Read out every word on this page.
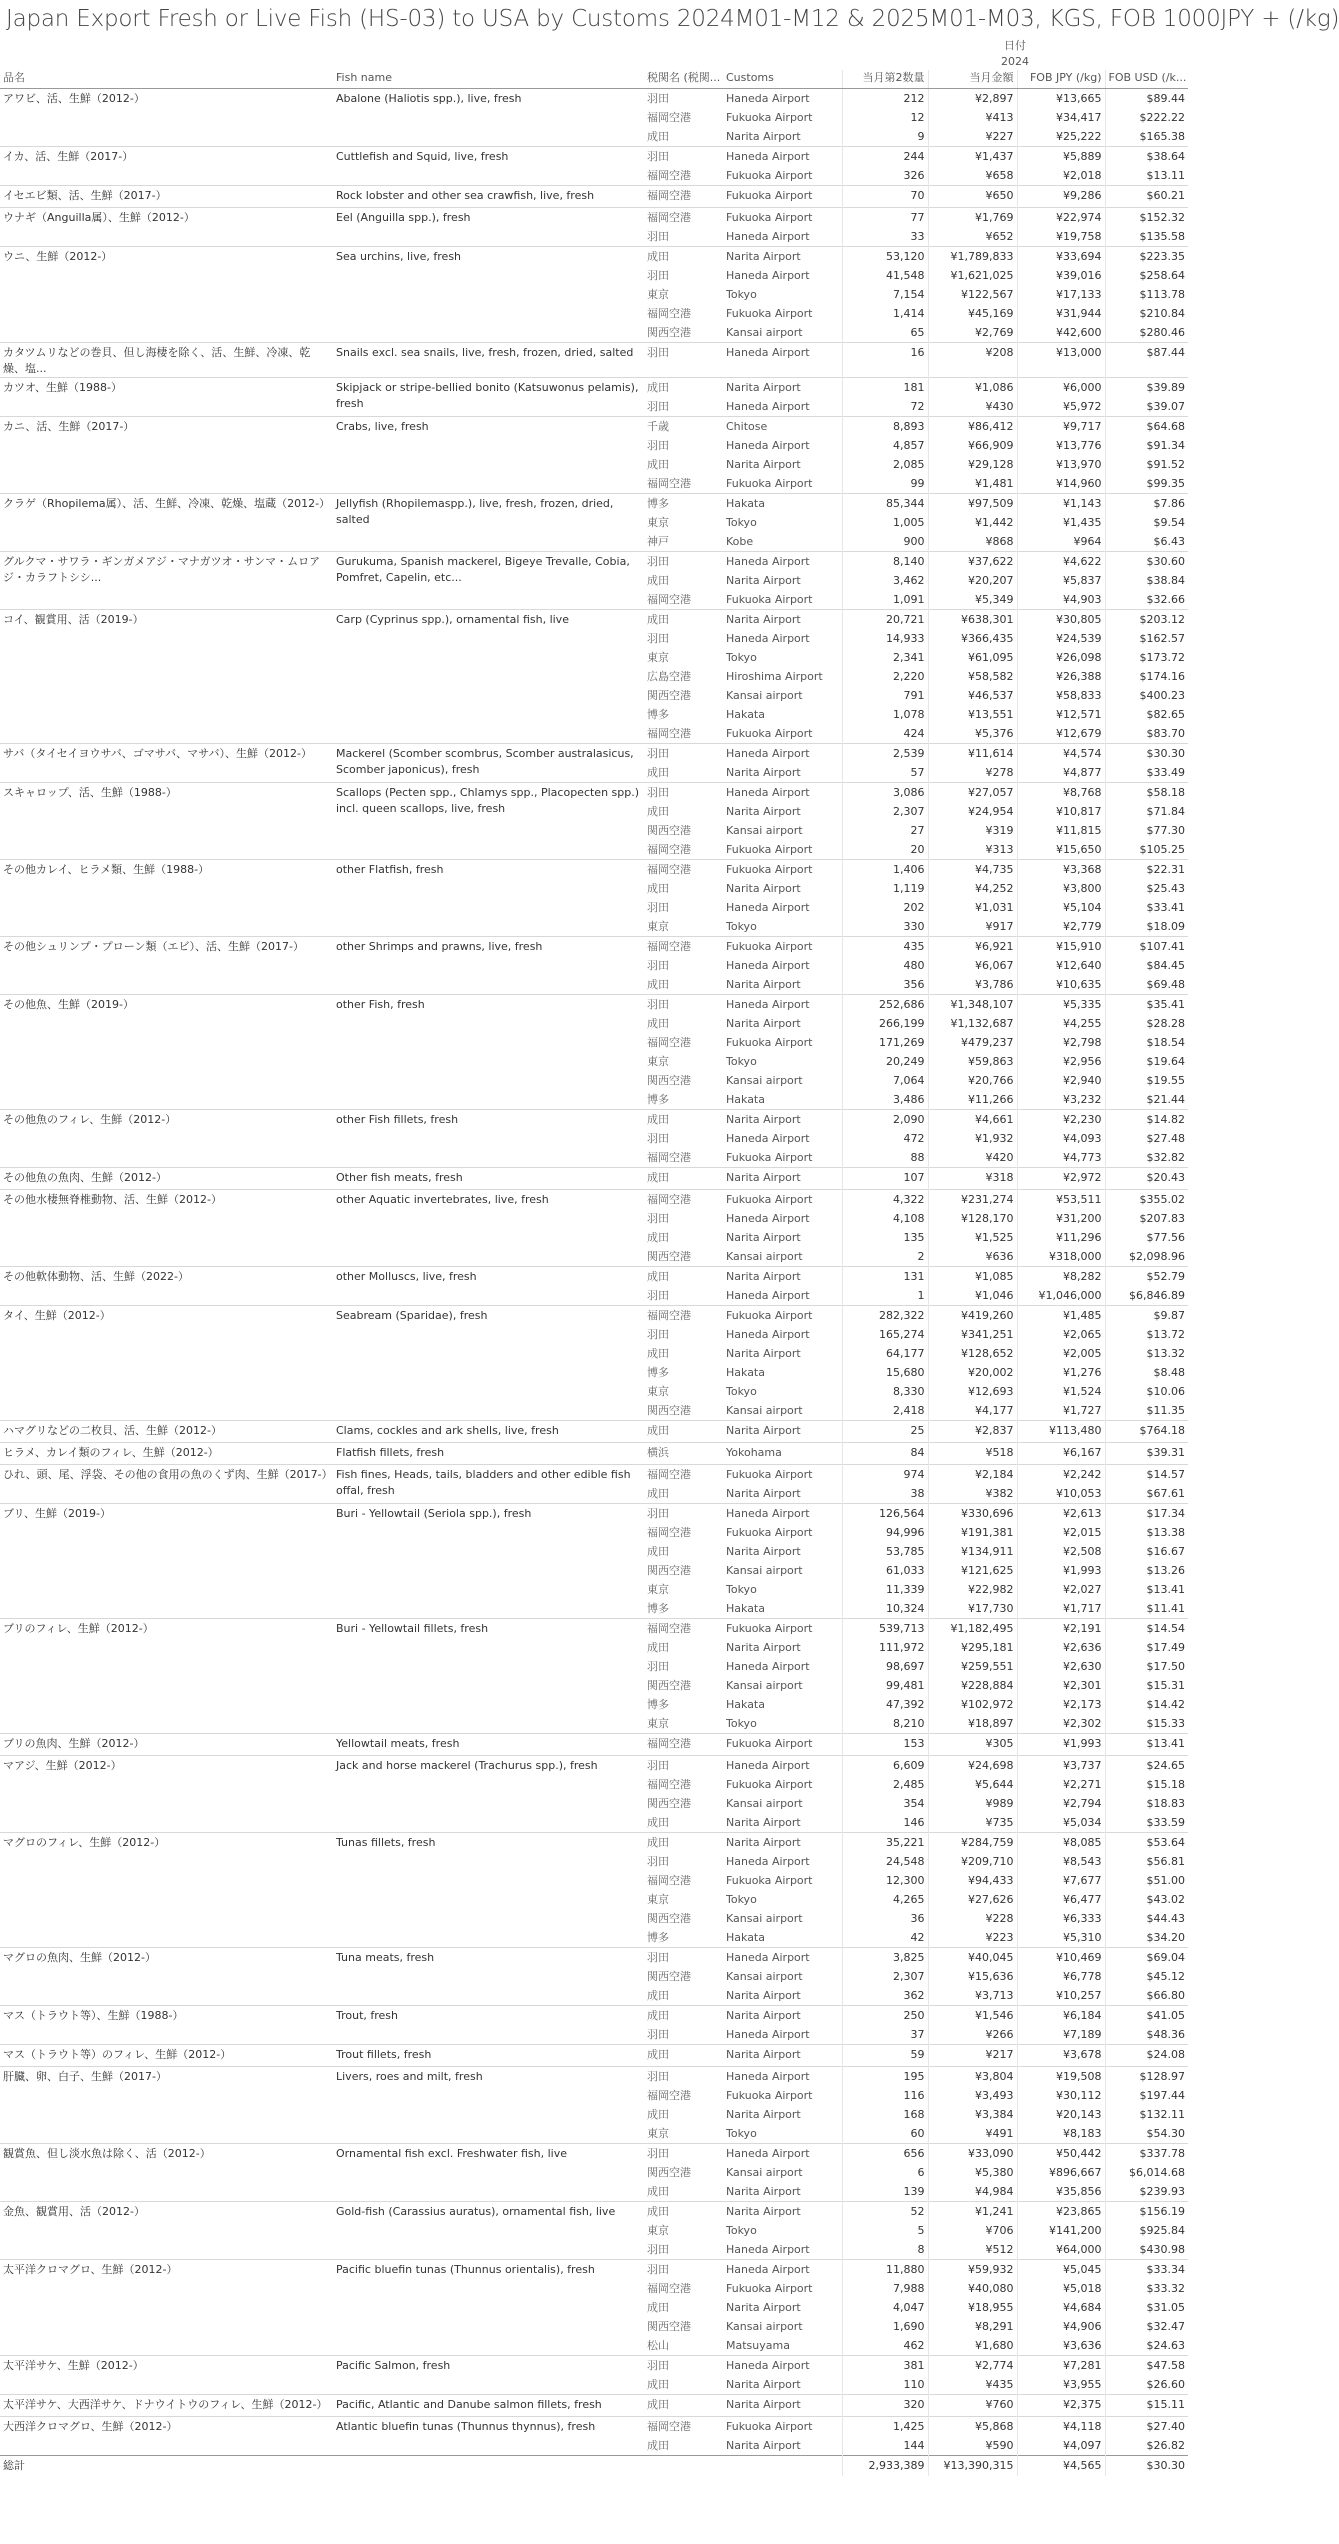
Japan Export Fresh or Live Fish (HS-03) to USA by Customs 2024M01-M12 & 2025M01-M03, KGS, FOB 1000JPY + (/kg)
				日付			
				2024			
品名	Fish name	税関名 (税関...	Customs	当月第2数量	当月金額	FOB JPY (/kg)	FOB USD (/k...
アワビ、活、生鮮（2012-）	Abalone (Haliotis spp.), live, fresh	羽田	Haneda Airport	212	¥2,897	¥13,665	$89.44
		福岡空港	Fukuoka Airport	12	¥413	¥34,417	$222.22
		成田	Narita Airport	9	¥227	¥25,222	$165.38
イカ、活、生鮮（2017-）	Cuttlefish and Squid, live, fresh	羽田	Haneda Airport	244	¥1,437	¥5,889	$38.64
		福岡空港	Fukuoka Airport	326	¥658	¥2,018	$13.11
イセエビ類、活、生鮮（2017-）	Rock lobster and other sea crawfish, live, fresh	福岡空港	Fukuoka Airport	70	¥650	¥9,286	$60.21
ウナギ（Anguilla属）、生鮮（2012-）	Eel (Anguilla spp.), fresh	福岡空港	Fukuoka Airport	77	¥1,769	¥22,974	$152.32
		羽田	Haneda Airport	33	¥652	¥19,758	$135.58
ウニ、生鮮（2012-）	Sea urchins, live, fresh	成田	Narita Airport	53,120	¥1,789,833	¥33,694	$223.35
		羽田	Haneda Airport	41,548	¥1,621,025	¥39,016	$258.64
		東京	Tokyo	7,154	¥122,567	¥17,133	$113.78
		福岡空港	Fukuoka Airport	1,414	¥45,169	¥31,944	$210.84
		関西空港	Kansai airport	65	¥2,769	¥42,600	$280.46
カタツムリなどの巻貝、但し海棲を除く、活、生鮮、冷凍、乾燥、塩...	Snails excl. sea snails, live, fresh, frozen, dried, salted	羽田	Haneda Airport	16	¥208	¥13,000	$87.44
カツオ、生鮮（1988-）	Skipjack or stripe-bellied bonito (Katsuwonus pelamis), fresh	成田	Narita Airport	181	¥1,086	¥6,000	$39.89
		羽田	Haneda Airport	72	¥430	¥5,972	$39.07
カニ、活、生鮮（2017-）	Crabs, live, fresh	千歳	Chitose	8,893	¥86,412	¥9,717	$64.68
		羽田	Haneda Airport	4,857	¥66,909	¥13,776	$91.34
		成田	Narita Airport	2,085	¥29,128	¥13,970	$91.52
		福岡空港	Fukuoka Airport	99	¥1,481	¥14,960	$99.35
クラゲ（Rhopilema属）、活、生鮮、冷凍、乾燥、塩蔵（2012-）	Jellyfish (Rhopilemaspp.), live, fresh, frozen, dried, salted	博多	Hakata	85,344	¥97,509	¥1,143	$7.86
		東京	Tokyo	1,005	¥1,442	¥1,435	$9.54
		神戸	Kobe	900	¥868	¥964	$6.43
グルクマ・サワラ・ギンガメアジ・マナガツオ・サンマ・ムロアジ・カラフトシシ...	Gurukuma, Spanish mackerel, Bigeye Trevalle, Cobia, Pomfret, Capelin, etc...	羽田	Haneda Airport	8,140	¥37,622	¥4,622	$30.60
		成田	Narita Airport	3,462	¥20,207	¥5,837	$38.84
		福岡空港	Fukuoka Airport	1,091	¥5,349	¥4,903	$32.66
コイ、観賞用、活（2019-）	Carp (Cyprinus spp.), ornamental fish, live	成田	Narita Airport	20,721	¥638,301	¥30,805	$203.12
		羽田	Haneda Airport	14,933	¥366,435	¥24,539	$162.57
		東京	Tokyo	2,341	¥61,095	¥26,098	$173.72
		広島空港	Hiroshima Airport	2,220	¥58,582	¥26,388	$174.16
		関西空港	Kansai airport	791	¥46,537	¥58,833	$400.23
		博多	Hakata	1,078	¥13,551	¥12,571	$82.65
		福岡空港	Fukuoka Airport	424	¥5,376	¥12,679	$83.70
サバ（タイセイヨウサバ、ゴマサバ、マサバ）、生鮮（2012-）	Mackerel (Scomber scombrus, Scomber australasicus, Scomber japonicus), fresh	羽田	Haneda Airport	2,539	¥11,614	¥4,574	$30.30
		成田	Narita Airport	57	¥278	¥4,877	$33.49
スキャロップ、活、生鮮（1988-）	Scallops (Pecten spp., Chlamys spp., Placopecten spp.) incl. queen scallops, live, fresh	羽田	Haneda Airport	3,086	¥27,057	¥8,768	$58.18
		成田	Narita Airport	2,307	¥24,954	¥10,817	$71.84
		関西空港	Kansai airport	27	¥319	¥11,815	$77.30
		福岡空港	Fukuoka Airport	20	¥313	¥15,650	$105.25
その他カレイ、ヒラメ類、生鮮（1988-）	other Flatfish, fresh	福岡空港	Fukuoka Airport	1,406	¥4,735	¥3,368	$22.31
		成田	Narita Airport	1,119	¥4,252	¥3,800	$25.43
		羽田	Haneda Airport	202	¥1,031	¥5,104	$33.41
		東京	Tokyo	330	¥917	¥2,779	$18.09
その他シュリンプ・プローン類（エビ）、活、生鮮（2017-）	other Shrimps and prawns, live, fresh	福岡空港	Fukuoka Airport	435	¥6,921	¥15,910	$107.41
		羽田	Haneda Airport	480	¥6,067	¥12,640	$84.45
		成田	Narita Airport	356	¥3,786	¥10,635	$69.48
その他魚、生鮮（2019-）	other Fish, fresh	羽田	Haneda Airport	252,686	¥1,348,107	¥5,335	$35.41
		成田	Narita Airport	266,199	¥1,132,687	¥4,255	$28.28
		福岡空港	Fukuoka Airport	171,269	¥479,237	¥2,798	$18.54
		東京	Tokyo	20,249	¥59,863	¥2,956	$19.64
		関西空港	Kansai airport	7,064	¥20,766	¥2,940	$19.55
		博多	Hakata	3,486	¥11,266	¥3,232	$21.44
その他魚のフィレ、生鮮（2012-）	other Fish fillets, fresh	成田	Narita Airport	2,090	¥4,661	¥2,230	$14.82
		羽田	Haneda Airport	472	¥1,932	¥4,093	$27.48
		福岡空港	Fukuoka Airport	88	¥420	¥4,773	$32.82
その他魚の魚肉、生鮮（2012-）	Other fish meats, fresh	成田	Narita Airport	107	¥318	¥2,972	$20.43
その他水棲無脊椎動物、活、生鮮（2012-）	other Aquatic invertebrates, live, fresh	福岡空港	Fukuoka Airport	4,322	¥231,274	¥53,511	$355.02
		羽田	Haneda Airport	4,108	¥128,170	¥31,200	$207.83
		成田	Narita Airport	135	¥1,525	¥11,296	$77.56
		関西空港	Kansai airport	2	¥636	¥318,000	$2,098.96
その他軟体動物、活、生鮮（2022-）	other Molluscs, live, fresh	成田	Narita Airport	131	¥1,085	¥8,282	$52.79
		羽田	Haneda Airport	1	¥1,046	¥1,046,000	$6,846.89
タイ、生鮮（2012-）	Seabream (Sparidae), fresh	福岡空港	Fukuoka Airport	282,322	¥419,260	¥1,485	$9.87
		羽田	Haneda Airport	165,274	¥341,251	¥2,065	$13.72
		成田	Narita Airport	64,177	¥128,652	¥2,005	$13.32
		博多	Hakata	15,680	¥20,002	¥1,276	$8.48
		東京	Tokyo	8,330	¥12,693	¥1,524	$10.06
		関西空港	Kansai airport	2,418	¥4,177	¥1,727	$11.35
ハマグリなどの二枚貝、活、生鮮（2012-）	Clams, cockles and ark shells, live, fresh	成田	Narita Airport	25	¥2,837	¥113,480	$764.18
ヒラメ、カレイ類のフィレ、生鮮（2012-）	Flatfish fillets, fresh	横浜	Yokohama	84	¥518	¥6,167	$39.31
ひれ、頭、尾、浮袋、その他の食用の魚のくず肉、生鮮（2017-）	Fish fines, Heads, tails, bladders and other edible fish offal, fresh	福岡空港	Fukuoka Airport	974	¥2,184	¥2,242	$14.57
		成田	Narita Airport	38	¥382	¥10,053	$67.61
ブリ、生鮮（2019-）	Buri - Yellowtail (Seriola spp.), fresh	羽田	Haneda Airport	126,564	¥330,696	¥2,613	$17.34
		福岡空港	Fukuoka Airport	94,996	¥191,381	¥2,015	$13.38
		成田	Narita Airport	53,785	¥134,911	¥2,508	$16.67
		関西空港	Kansai airport	61,033	¥121,625	¥1,993	$13.26
		東京	Tokyo	11,339	¥22,982	¥2,027	$13.41
		博多	Hakata	10,324	¥17,730	¥1,717	$11.41
ブリのフィレ、生鮮（2012-）	Buri - Yellowtail fillets, fresh	福岡空港	Fukuoka Airport	539,713	¥1,182,495	¥2,191	$14.54
		成田	Narita Airport	111,972	¥295,181	¥2,636	$17.49
		羽田	Haneda Airport	98,697	¥259,551	¥2,630	$17.50
		関西空港	Kansai airport	99,481	¥228,884	¥2,301	$15.31
		博多	Hakata	47,392	¥102,972	¥2,173	$14.42
		東京	Tokyo	8,210	¥18,897	¥2,302	$15.33
ブリの魚肉、生鮮（2012-）	Yellowtail meats, fresh	福岡空港	Fukuoka Airport	153	¥305	¥1,993	$13.41
マアジ、生鮮（2012-）	Jack and horse mackerel (Trachurus spp.), fresh	羽田	Haneda Airport	6,609	¥24,698	¥3,737	$24.65
		福岡空港	Fukuoka Airport	2,485	¥5,644	¥2,271	$15.18
		関西空港	Kansai airport	354	¥989	¥2,794	$18.83
		成田	Narita Airport	146	¥735	¥5,034	$33.59
マグロのフィレ、生鮮（2012-）	Tunas fillets, fresh	成田	Narita Airport	35,221	¥284,759	¥8,085	$53.64
		羽田	Haneda Airport	24,548	¥209,710	¥8,543	$56.81
		福岡空港	Fukuoka Airport	12,300	¥94,433	¥7,677	$51.00
		東京	Tokyo	4,265	¥27,626	¥6,477	$43.02
		関西空港	Kansai airport	36	¥228	¥6,333	$44.43
		博多	Hakata	42	¥223	¥5,310	$34.20
マグロの魚肉、生鮮（2012-）	Tuna meats, fresh	羽田	Haneda Airport	3,825	¥40,045	¥10,469	$69.04
		関西空港	Kansai airport	2,307	¥15,636	¥6,778	$45.12
		成田	Narita Airport	362	¥3,713	¥10,257	$66.80
マス（トラウト等）、生鮮（1988-）	Trout, fresh	成田	Narita Airport	250	¥1,546	¥6,184	$41.05
		羽田	Haneda Airport	37	¥266	¥7,189	$48.36
マス（トラウト等）のフィレ、生鮮（2012-）	Trout fillets, fresh	成田	Narita Airport	59	¥217	¥3,678	$24.08
肝臓、卵、白子、生鮮（2017-）	Livers, roes and milt, fresh	羽田	Haneda Airport	195	¥3,804	¥19,508	$128.97
		福岡空港	Fukuoka Airport	116	¥3,493	¥30,112	$197.44
		成田	Narita Airport	168	¥3,384	¥20,143	$132.11
		東京	Tokyo	60	¥491	¥8,183	$54.30
観賞魚、但し淡水魚は除く、活（2012-）	Ornamental fish excl. Freshwater fish, live	羽田	Haneda Airport	656	¥33,090	¥50,442	$337.78
		関西空港	Kansai airport	6	¥5,380	¥896,667	$6,014.68
		成田	Narita Airport	139	¥4,984	¥35,856	$239.93
金魚、観賞用、活（2012-）	Gold-fish (Carassius auratus), ornamental fish, live	成田	Narita Airport	52	¥1,241	¥23,865	$156.19
		東京	Tokyo	5	¥706	¥141,200	$925.84
		羽田	Haneda Airport	8	¥512	¥64,000	$430.98
太平洋クロマグロ、生鮮（2012-）	Pacific bluefin tunas (Thunnus orientalis), fresh	羽田	Haneda Airport	11,880	¥59,932	¥5,045	$33.34
		福岡空港	Fukuoka Airport	7,988	¥40,080	¥5,018	$33.32
		成田	Narita Airport	4,047	¥18,955	¥4,684	$31.05
		関西空港	Kansai airport	1,690	¥8,291	¥4,906	$32.47
		松山	Matsuyama	462	¥1,680	¥3,636	$24.63
太平洋サケ、生鮮（2012-）	Pacific Salmon, fresh	羽田	Haneda Airport	381	¥2,774	¥7,281	$47.58
		成田	Narita Airport	110	¥435	¥3,955	$26.60
太平洋サケ、大西洋サケ、ドナウイトウのフィレ、生鮮（2012-）	Pacific, Atlantic and Danube salmon fillets, fresh	成田	Narita Airport	320	¥760	¥2,375	$15.11
大西洋クロマグロ、生鮮（2012-）	Atlantic bluefin tunas (Thunnus thynnus), fresh	福岡空港	Fukuoka Airport	1,425	¥5,868	¥4,118	$27.40
		成田	Narita Airport	144	¥590	¥4,097	$26.82
総計				2,933,389	¥13,390,315	¥4,565	$30.30
